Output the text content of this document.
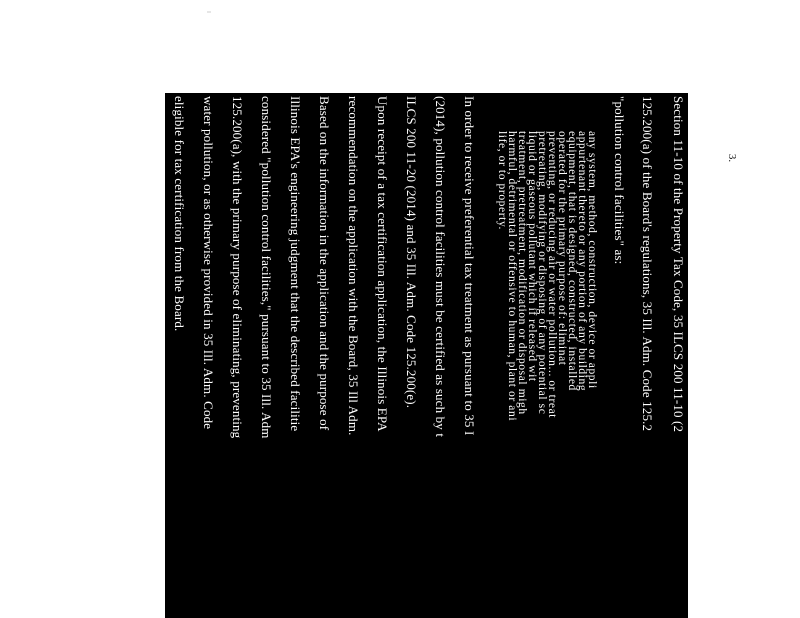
3.
Section 11-10 of the Property Tax Code, 35 ILCS 200 11-10 (2
125.200(a) of the Board's regulations, 35 Ill. Adm. Code 125.2
"pollution control facilities" as:
any system, method, construction, device or appli
appurtenant thereto or any portion of any building
equipment, that is designed, constructed, installed
operated for the primary purpose of: eliminat
preventing, or reducing air or water pollution... or treat
pretreating, modifying or disposing of any potential sc
liquid or gaseous pollutant which if released wit
treatment, pretreatment, modification or disposal migh
harmful, detrimental or offensive to human, plant or ani
life, or to property.
In order to receive preferential tax treatment as pursuant to 35 I
(2014), pollution control facilities must be certified as such by t
ILCS 200 11-20 (2014) and 35 Ill. Adm. Code 125.200(e).
Upon receipt of a tax certification application, the Illinois EPA
recommendation on the application with the Board, 35 Ill Adm.
Based on the information in the application and the purpose of
Illinois EPA's engineering judgment that the described facilitie
considered "pollution control facilities," pursuant to 35 Ill. Adm
125.200(a), with the primary purpose of eliminating, preventing
water pollution, or as otherwise provided in 35 Ill. Adm. Code
eligible for tax certification from the Board.
